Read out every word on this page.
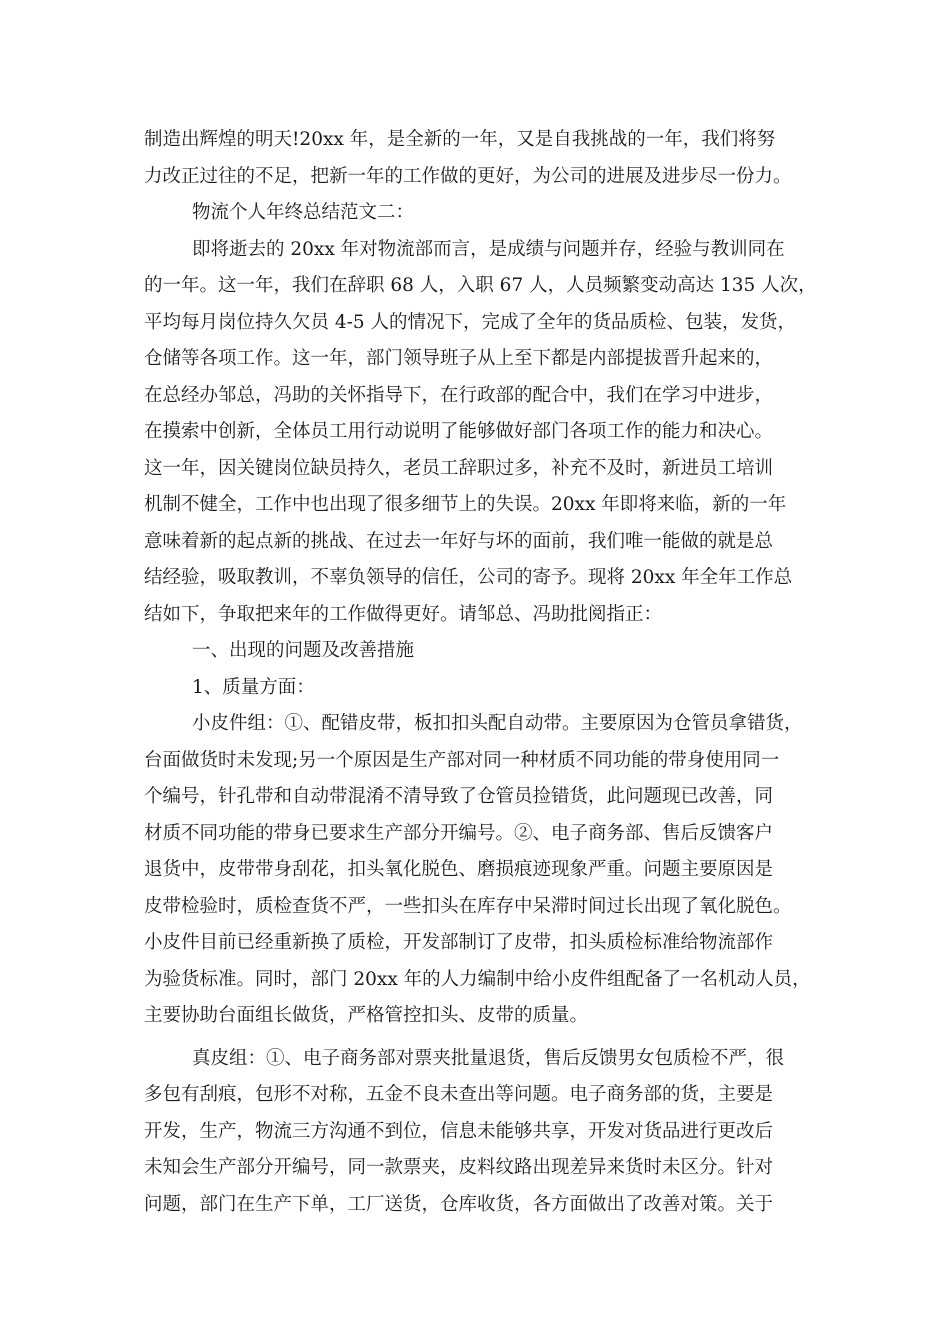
制造出辉煌的明天!20xx 年，是全新的一年，又是自我挑战的一年，我们将努
力改正过往的不足，把新一年的工作做的更好，为公司的进展及进步尽一份力。
物流个人年终总结范文二：
即将逝去的 20xx 年对物流部而言，是成绩与问题并存，经验与教训同在
的一年。这一年，我们在辞职 68 人，入职 67 人，人员频繁变动高达 135 人次，
平均每月岗位持久欠员 4-5 人的情况下，完成了全年的货品质检、包装，发货，
仓储等各项工作。这一年，部门领导班子从上至下都是内部提拔晋升起来的，
在总经办邹总，冯助的关怀指导下，在行政部的配合中，我们在学习中进步，
在摸索中创新，全体员工用行动说明了能够做好部门各项工作的能力和决心。
这一年，因关键岗位缺员持久，老员工辞职过多，补充不及时，新进员工培训
机制不健全，工作中也出现了很多细节上的失误。20xx 年即将来临，新的一年
意味着新的起点新的挑战、在过去一年好与坏的面前，我们唯一能做的就是总
结经验，吸取教训，不辜负领导的信任，公司的寄予。现将 20xx 年全年工作总
结如下，争取把来年的工作做得更好。请邹总、冯助批阅指正：
一、出现的问题及改善措施
1、质量方面：
小皮件组：①、配错皮带，板扣扣头配自动带。主要原因为仓管员拿错货，
台面做货时未发现;另一个原因是生产部对同一种材质不同功能的带身使用同一
个编号，针孔带和自动带混淆不清导致了仓管员捡错货，此问题现已改善，同
材质不同功能的带身已要求生产部分开编号。②、电子商务部、售后反馈客户
退货中，皮带带身刮花，扣头氧化脱色、磨损痕迹现象严重。问题主要原因是
皮带检验时，质检查货不严，一些扣头在库存中呆滞时间过长出现了氧化脱色。
小皮件目前已经重新换了质检，开发部制订了皮带，扣头质检标准给物流部作
为验货标准。同时，部门 20xx 年的人力编制中给小皮件组配备了一名机动人员，
主要协助台面组长做货，严格管控扣头、皮带的质量。
真皮组：①、电子商务部对票夹批量退货，售后反馈男女包质检不严，很
多包有刮痕，包形不对称，五金不良未查出等问题。电子商务部的货，主要是
开发，生产，物流三方沟通不到位，信息未能够共享，开发对货品进行更改后
未知会生产部分开编号，同一款票夹，皮料纹路出现差异来货时未区分。针对
问题，部门在生产下单，工厂送货，仓库收货，各方面做出了改善对策。关于
